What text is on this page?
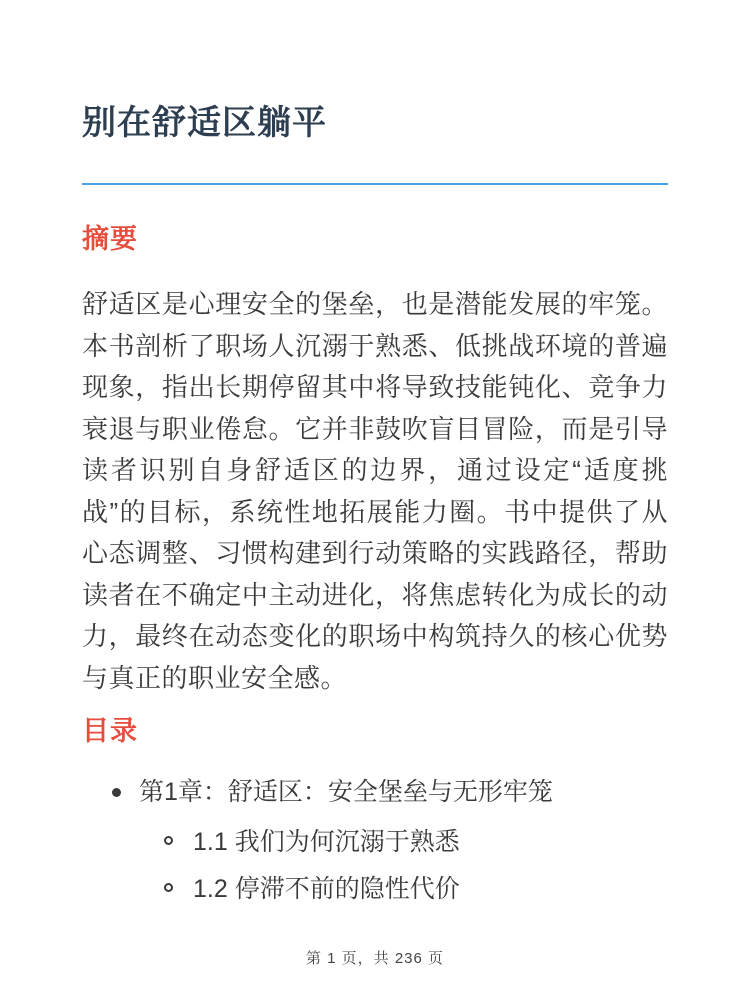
别在舒适区躺平
摘要

舒适区是心理安全的堡垒，也是潜能发展的牢笼。本书剖析了职场人沉溺于熟悉、低挑战环境的普遍现象，指出长期停留其中将导致技能钝化、竞争力衰退与职业倦怠。它并非鼓吹盲目冒险，而是引导读者识别自身舒适区的边界，通过设定“适度挑战”的目标，系统性地拓展能力圈。书中提供了从心态调整、习惯构建到行动策略的实践路径，帮助读者在不确定中主动进化，将焦虑转化为成长的动力，最终在动态变化的职场中构筑持久的核心优势与真正的职业安全感。

目录
第1章：舒适区：安全堡垒与无形牢笼
1.1 我们为何沉溺于熟悉
1.2 停滞不前的隐性代价
第 1 页，共 236 页
